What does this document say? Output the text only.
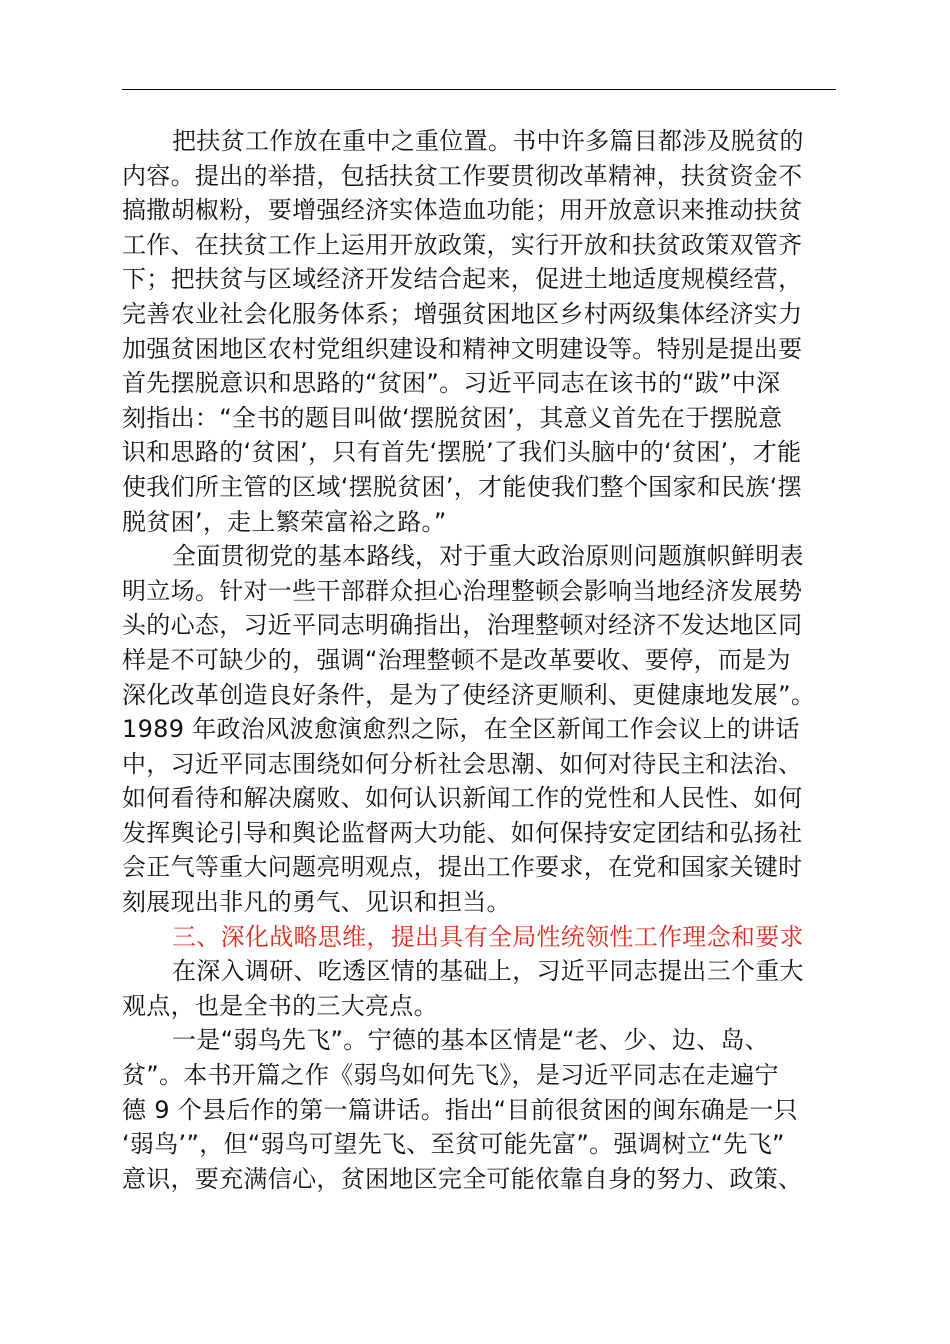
把扶贫工作放在重中之重位置。书中许多篇目都涉及脱贫的
内容。提出的举措，包括扶贫工作要贯彻改革精神，扶贫资金不
搞撒胡椒粉，要增强经济实体造血功能；用开放意识来推动扶贫
工作、在扶贫工作上运用开放政策，实行开放和扶贫政策双管齐
下；把扶贫与区域经济开发结合起来，促进土地适度规模经营，
完善农业社会化服务体系；增强贫困地区乡村两级集体经济实力
加强贫困地区农村党组织建设和精神文明建设等。特别是提出要
首先摆脱意识和思路的“贫困”。习近平同志在该书的“跋”中深
刻指出：“全书的题目叫做‘摆脱贫困’，其意义首先在于摆脱意
识和思路的‘贫困’，只有首先‘摆脱’了我们头脑中的‘贫困’，才能
使我们所主管的区域‘摆脱贫困’，才能使我们整个国家和民族‘摆
脱贫困’，走上繁荣富裕之路。”
全面贯彻党的基本路线，对于重大政治原则问题旗帜鲜明表
明立场。针对一些干部群众担心治理整顿会影响当地经济发展势
头的心态，习近平同志明确指出，治理整顿对经济不发达地区同
样是不可缺少的，强调“治理整顿不是改革要收、要停，而是为
深化改革创造良好条件，是为了使经济更顺利、更健康地发展”。
1989 年政治风波愈演愈烈之际，在全区新闻工作会议上的讲话
中，习近平同志围绕如何分析社会思潮、如何对待民主和法治、
如何看待和解决腐败、如何认识新闻工作的党性和人民性、如何
发挥舆论引导和舆论监督两大功能、如何保持安定团结和弘扬社
会正气等重大问题亮明观点，提出工作要求，在党和国家关键时
刻展现出非凡的勇气、见识和担当。
三、深化战略思维，提出具有全局性统领性工作理念和要求
在深入调研、吃透区情的基础上，习近平同志提出三个重大
观点，也是全书的三大亮点。
一是“弱鸟先飞”。宁德的基本区情是“老、少、边、岛、
贫”。本书开篇之作《弱鸟如何先飞》，是习近平同志在走遍宁
德 9 个县后作的第一篇讲话。指出“目前很贫困的闽东确是一只
‘弱鸟’”，但“弱鸟可望先飞、至贫可能先富”。强调树立“先飞”
意识，要充满信心，贫困地区完全可能依靠自身的努力、政策、
